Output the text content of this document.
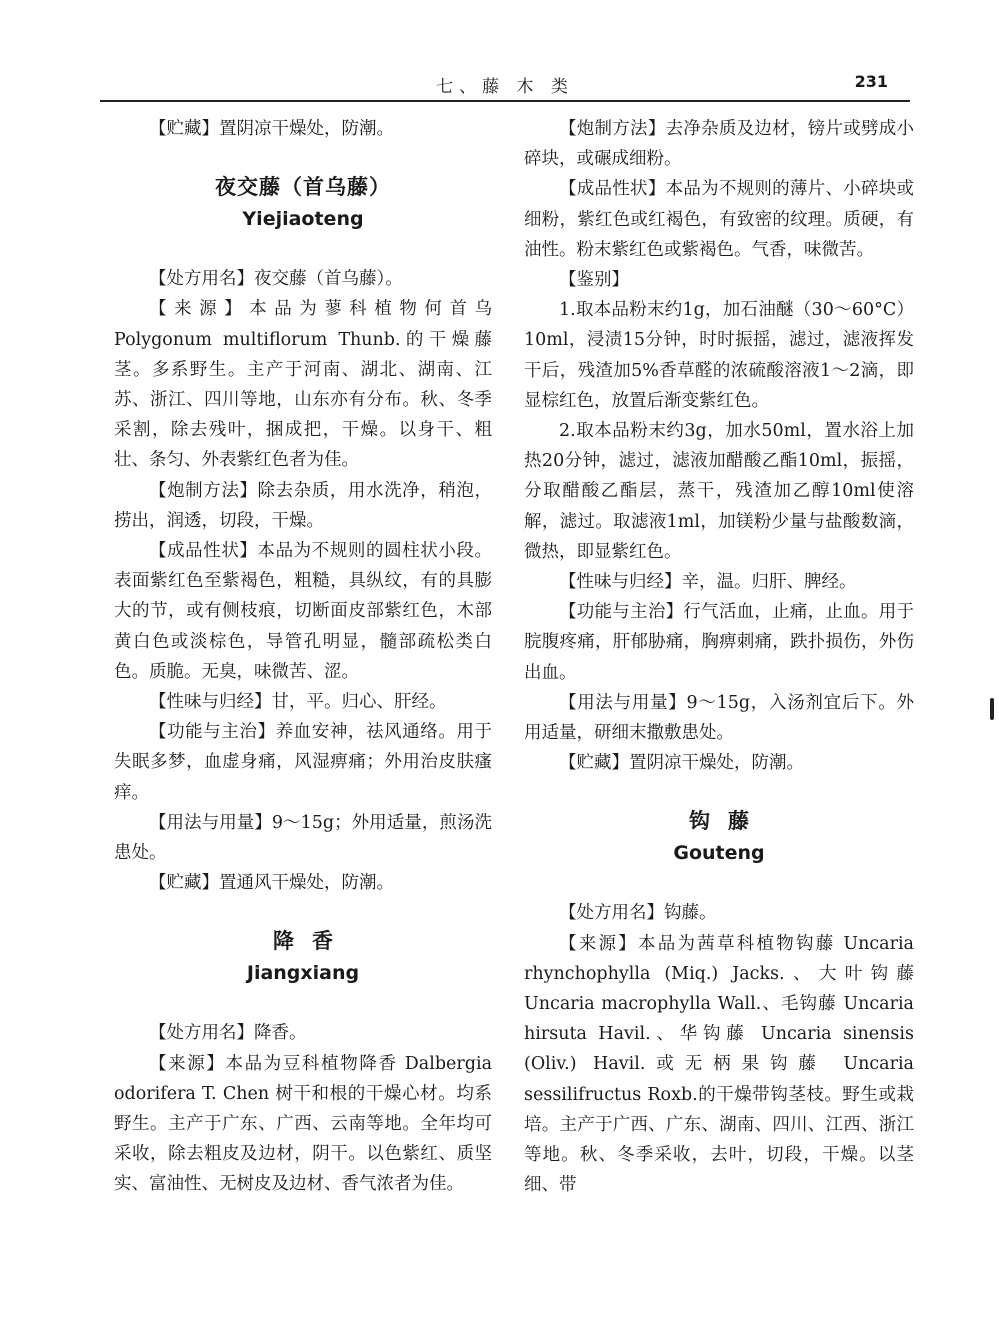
七、藤 木 类	231

【贮藏】置阴凉干燥处，防潮。

夜交藤（首乌藤）
Yiejiaoteng

【处方用名】夜交藤（首乌藤）。

【来源】本品为蓼科植物何首乌 Polygonum multiflorum Thunb.的干燥藤茎。多系野生。主产于河南、湖北、湖南、江苏、浙江、四川等地，山东亦有分布。秋、冬季采割，除去残叶，捆成把，干燥。以身干、粗壮、条匀、外表紫红色者为佳。

【炮制方法】除去杂质，用水洗净，稍泡，捞出，润透，切段，干燥。

【成品性状】本品为不规则的圆柱状小段。表面紫红色至紫褐色，粗糙，具纵纹，有的具膨大的节，或有侧枝痕，切断面皮部紫红色，木部黄白色或淡棕色，导管孔明显，髓部疏松类白色。质脆。无臭，味微苦、涩。

【性味与归经】甘，平。归心、肝经。

【功能与主治】养血安神，祛风通络。用于失眠多梦，血虚身痛，风湿痹痛；外用治皮肤瘙痒。

【用法与用量】9～15g；外用适量，煎汤洗患处。

【贮藏】置通风干燥处，防潮。

降香
Jiangxiang

【处方用名】降香。

【来源】本品为豆科植物降香 Dalbergia odorifera T. Chen 树干和根的干燥心材。均系野生。主产于广东、广西、云南等地。全年均可采收，除去粗皮及边材，阴干。以色紫红、质坚实、富油性、无树皮及边材、香气浓者为佳。

【炮制方法】去净杂质及边材，镑片或劈成小碎块，或碾成细粉。

【成品性状】本品为不规则的薄片、小碎块或细粉，紫红色或红褐色，有致密的纹理。质硬，有油性。粉末紫红色或紫褐色。气香，味微苦。

【鉴别】

1.取本品粉末约1g，加石油醚（30～60°C）10ml，浸渍15分钟，时时振摇，滤过，滤液挥发干后，残渣加5%香草醛的浓硫酸溶液1～2滴，即显棕红色，放置后渐变紫红色。

2.取本品粉末约3g，加水50ml，置水浴上加热20分钟，滤过，滤液加醋酸乙酯10ml，振摇，分取醋酸乙酯层，蒸干，残渣加乙醇10ml使溶解，滤过。取滤液1ml，加镁粉少量与盐酸数滴，微热，即显紫红色。

【性味与归经】辛，温。归肝、脾经。

【功能与主治】行气活血，止痛，止血。用于脘腹疼痛，肝郁胁痛，胸痹刺痛，跌扑损伤，外伤出血。

【用法与用量】9～15g，入汤剂宜后下。外用适量，研细末撒敷患处。

【贮藏】置阴凉干燥处，防潮。

钩藤
Gouteng

【处方用名】钩藤。

【来源】本品为茜草科植物钩藤 Uncaria rhynchophylla (Miq.) Jacks.、大叶钩藤 Uncaria macrophylla Wall.、毛钩藤 Uncaria hirsuta Havil.、华钩藤 Uncaria sinensis (Oliv.) Havil.或无柄果钩藤 Uncaria sessilifructus Roxb.的干燥带钩茎枝。野生或栽培。主产于广西、广东、湖南、四川、江西、浙江等地。秋、冬季采收，去叶，切段，干燥。以茎细、带
